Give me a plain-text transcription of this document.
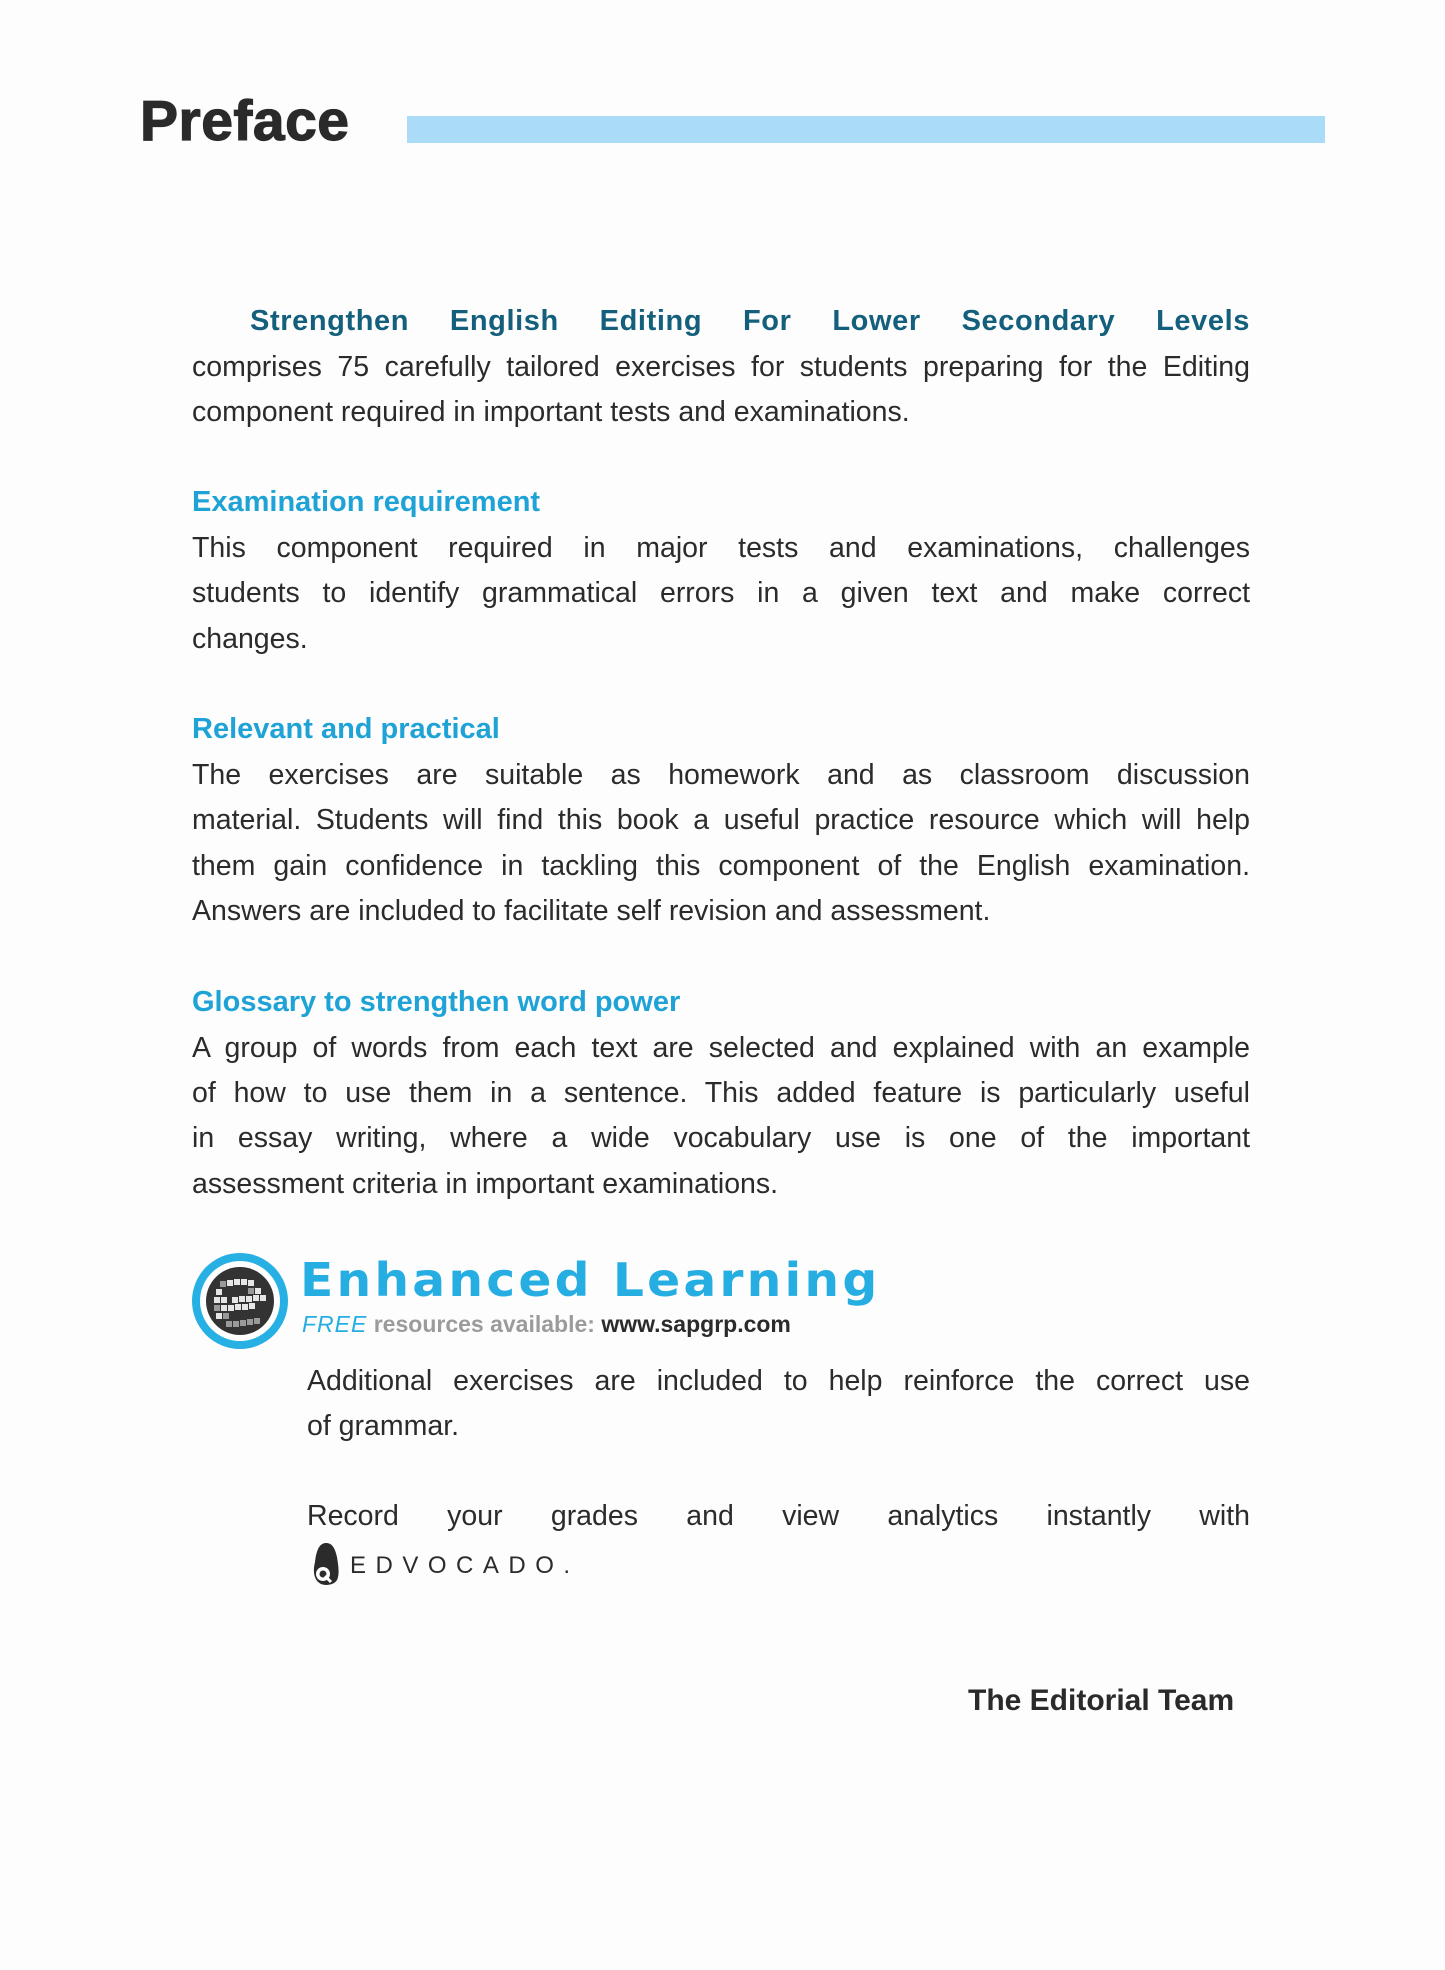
Preface
Strengthen English Editing For Lower Secondary Levels
comprises 75 carefully tailored exercises for students preparing for the Editing
component required in important tests and examinations.
Examination requirement
This component required in major tests and examinations, challenges
students to identify grammatical errors in a given text and make correct
changes.
Relevant and practical
The exercises are suitable as homework and as classroom discussion
material. Students will find this book a useful practice resource which will help
them gain confidence in tackling this component of the English examination.
Answers are included to facilitate self revision and assessment.
Glossary to strengthen word power
A group of words from each text are selected and explained with an example
of how to use them in a sentence. This added feature is particularly useful
in essay writing, where a wide vocabulary use is one of the important
assessment criteria in important examinations.
Enhanced Learning
FREE resources available: www.sapgrp.com
Additional exercises are included to help reinforce the correct use
of grammar.
Record your grades and view analytics instantly with
EDVOCADO.
The Editorial Team
